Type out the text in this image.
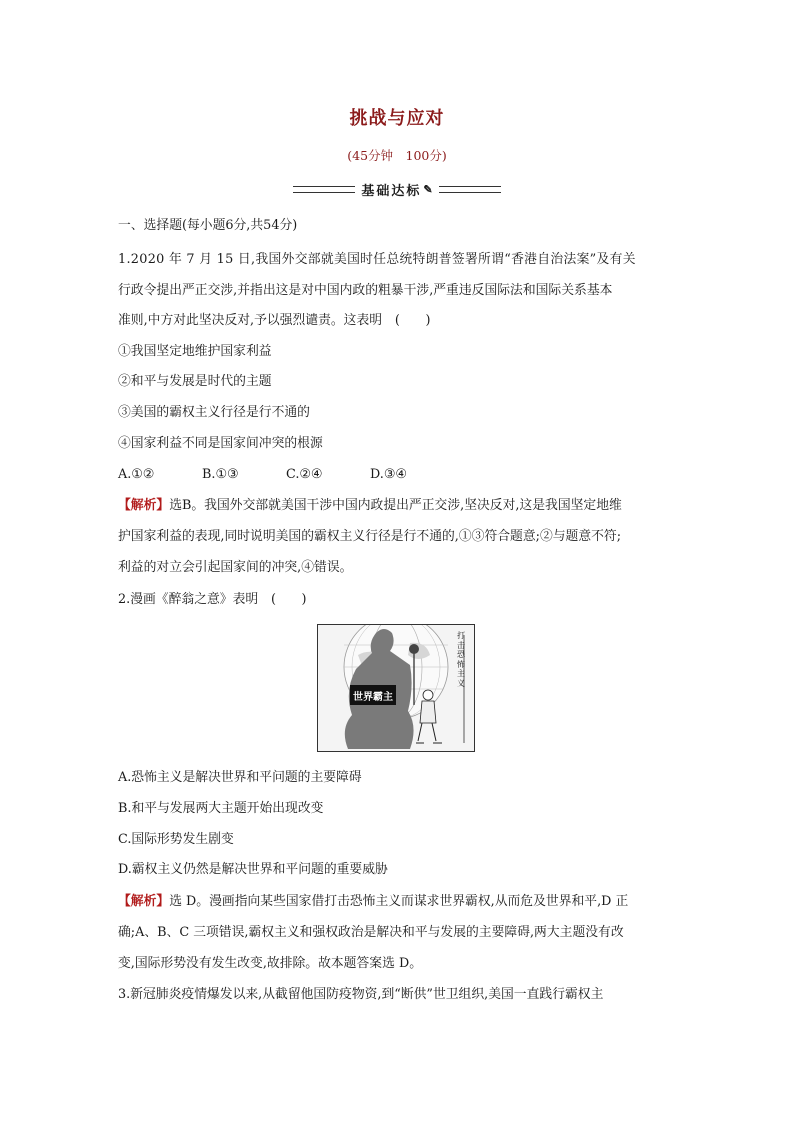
挑战与应对
(45分钟　100分)
基础达标 ✎
一、选择题(每小题6分,共54分)
1.2020 年 7 月 15 日,我国外交部就美国时任总统特朗普签署所谓“香港自治法案”及有关
行政令提出严正交涉,并指出这是对中国内政的粗暴干涉,严重违反国际法和国际关系基本
准则,中方对此坚决反对,予以强烈谴责。这表明　(　　)
①我国坚定地维护国家利益
②和平与发展是时代的主题
③美国的霸权主义行径是行不通的
④国家利益不同是国家间冲突的根源
A.①②	B.①③	C.②④	D.③④
【解析】选B。我国外交部就美国干涉中国内政提出严正交涉,坚决反对,这是我国坚定地维
护国家利益的表现,同时说明美国的霸权主义行径是行不通的,①③符合题意;②与题意不符;
利益的对立会引起国家间的冲突,④错误。
2.漫画《醉翁之意》表明　(　　)
世界霸主
打击恐怖主义
A.恐怖主义是解决世界和平问题的主要障碍
B.和平与发展两大主题开始出现改变
C.国际形势发生剧变
D.霸权主义仍然是解决世界和平问题的重要威胁
【解析】选 D。漫画指向某些国家借打击恐怖主义而谋求世界霸权,从而危及世界和平,D 正
确;A、B、C 三项错误,霸权主义和强权政治是解决和平与发展的主要障碍,两大主题没有改
变,国际形势没有发生改变,故排除。故本题答案选 D。
3.新冠肺炎疫情爆发以来,从截留他国防疫物资,到“断供”世卫组织,美国一直践行霸权主
